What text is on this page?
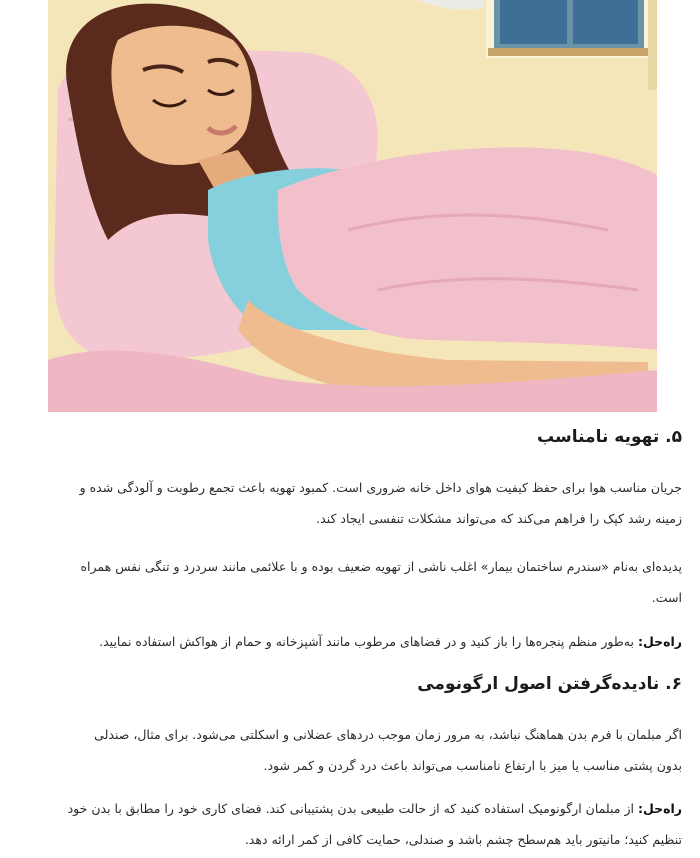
۵. تهویه نامناسب

جریان مناسب هوا برای حفظ کیفیت هوای داخل خانه ضروری است. کمبود تهویه باعث تجمع رطوبت و آلودگی شده و
زمینه رشد کپک را فراهم می‌کند که می‌تواند مشکلات تنفسی ایجاد کند.

پدیده‌ای به‌نام «سندرم ساختمان بیمار» اغلب ناشی از تهویه ضعیف بوده و با علائمی مانند سردرد و تنگی نفس همراه
است.

راه‌حل: به‌طور منظم پنجره‌ها را باز کنید و در فضاهای مرطوب مانند آشپزخانه و حمام از هواکش استفاده نمایید.

۶. نادیده‌گرفتن اصول ارگونومی

اگر مبلمان با فرم بدن هماهنگ نباشد، به مرور زمان موجب دردهای عضلانی و اسکلتی می‌شود. برای مثال، صندلی
بدون پشتی مناسب یا میز با ارتفاع نامناسب می‌تواند باعث درد گردن و کمر شود.

راه‌حل: از مبلمان ارگونومیک استفاده کنید که از حالت طبیعی بدن پشتیبانی کند. فضای کاری خود را مطابق با بدن خود
تنظیم کنید؛ مانیتور باید هم‌سطح چشم باشد و صندلی، حمایت کافی از کمر ارائه دهد.
